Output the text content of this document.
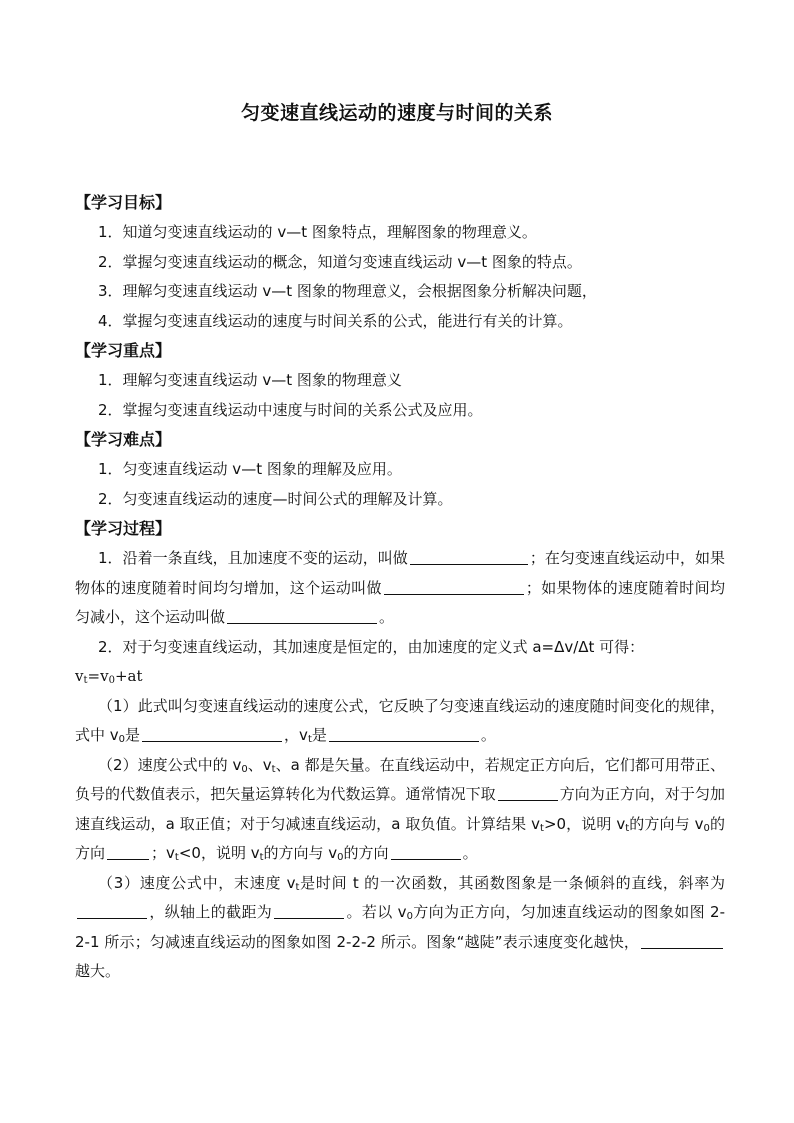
匀变速直线运动的速度与时间的关系
【学习目标】
1．知道匀变速直线运动的 v—t 图象特点，理解图象的物理意义。
2．掌握匀变速直线运动的概念，知道匀变速直线运动 v—t 图象的特点。
3．理解匀变速直线运动 v—t 图象的物理意义，会根据图象分析解决问题，
4．掌握匀变速直线运动的速度与时间关系的公式，能进行有关的计算。
【学习重点】
1．理解匀变速直线运动 v—t 图象的物理意义
2．掌握匀变速直线运动中速度与时间的关系公式及应用。
【学习难点】
1．匀变速直线运动 v—t 图象的理解及应用。
2．匀变速直线运动的速度—时间公式的理解及计算。
【学习过程】
1．沿着一条直线，且加速度不变的运动，叫做	；在匀变速直线运动中，如果物体的速度随着时间均匀增加，这个运动叫做	；如果物体的速度随着时间均匀减小，这个运动叫做	。
2．对于匀变速直线运动，其加速度是恒定的，由加速度的定义式 a=Δv/Δt 可得：
$v_t=v_0+at$
（1）此式叫匀变速直线运动的速度公式，它反映了匀变速直线运动的速度随时间变化的规律，式中 $v_0$是	，$v_t$是	。
（2）速度公式中的 $v_0$、$v_t$、a 都是矢量。在直线运动中，若规定正方向后，它们都可用带正、负号的代数值表示，把矢量运算转化为代数运算。通常情况下取	方向为正方向，对于匀加速直线运动，a 取正值；对于匀减速直线运动，a 取负值。计算结果 $v_t>0$，说明 $v_t$的方向与 $v_0$的方向	；$v_t<0$，说明 $v_t$的方向与 $v_0$的方向	。
（3）速度公式中，末速度 $v_t$是时间 t 的一次函数，其函数图象是一条倾斜的直线，斜率为，纵轴上的截距为	。若以 $v_0$方向为正方向，匀加速直线运动的图象如图 2-2-1 所示；匀减速直线运动的图象如图 2-2-2 所示。图象“越陡”表示速度变化越快，越大。
